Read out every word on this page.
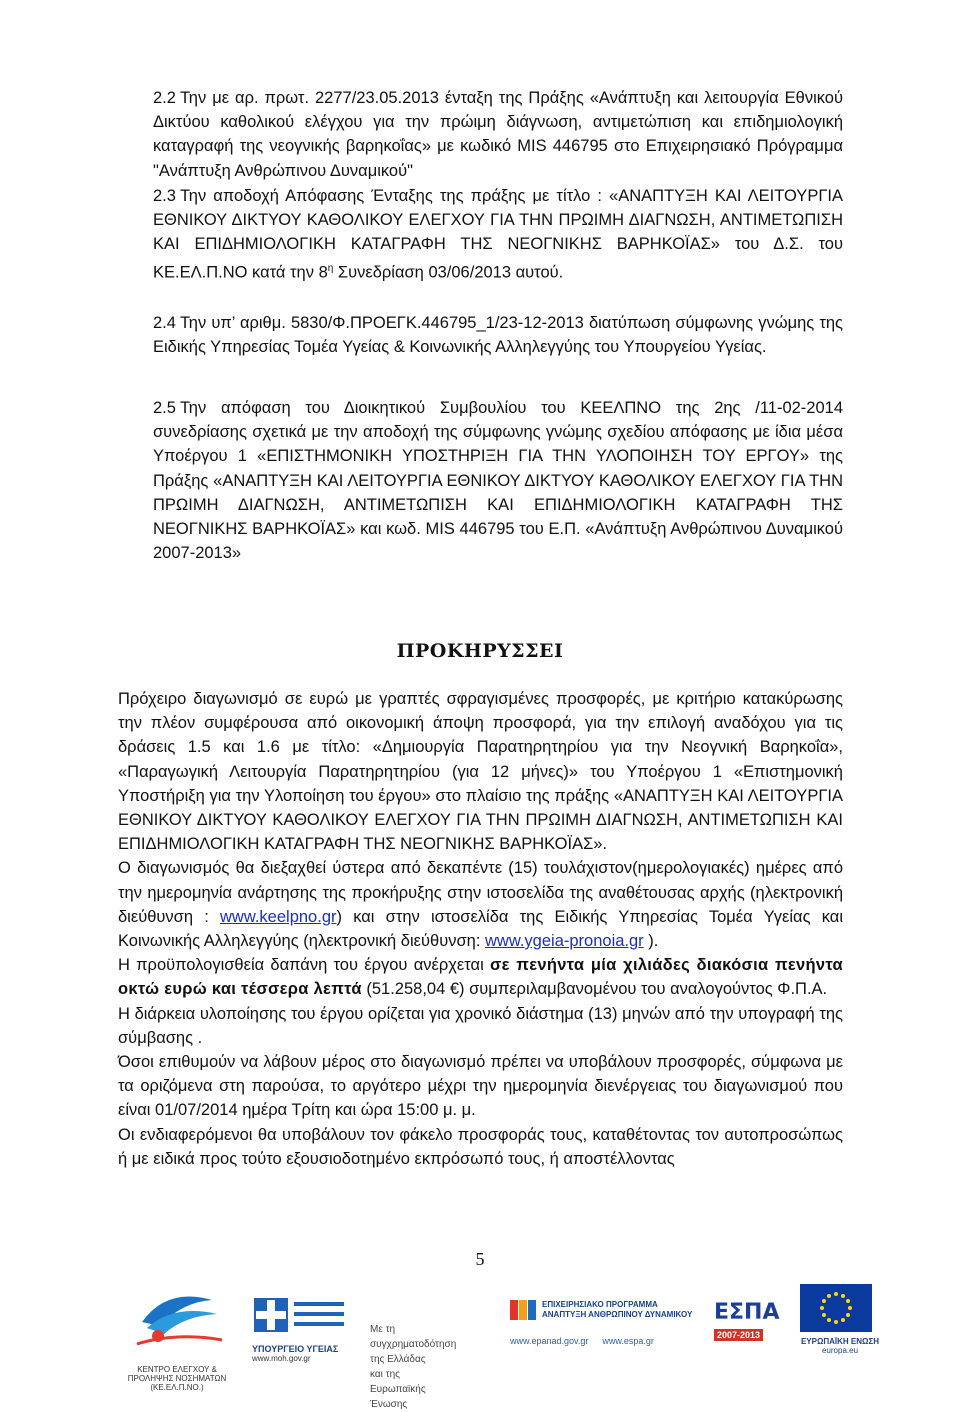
2.2 Την με αρ. πρωτ. 2277/23.05.2013 ένταξη της Πράξης «Ανάπτυξη και λειτουργία Εθνικού Δικτύου καθολικού ελέγχου για την πρώιμη διάγνωση, αντιμετώπιση και επιδημιολογική καταγραφή της νεογνικής βαρηκοΐας» με κωδικό MIS 446795 στο Επιχειρησιακό Πρόγραμμα "Ανάπτυξη Ανθρώπινου Δυναμικού"

2.3 Την αποδοχή Απόφασης Ένταξης της πράξης με τίτλο : «ΑΝΑΠΤΥΞΗ ΚΑΙ ΛΕΙΤΟΥΡΓΙΑ ΕΘΝΙΚΟΥ ΔΙΚΤΥΟΥ ΚΑΘΟΛΙΚΟΥ ΕΛΕΓΧΟΥ ΓΙΑ ΤΗΝ ΠΡΩΙΜΗ ΔΙΑΓΝΩΣΗ, ΑΝΤΙΜΕΤΩΠΙΣΗ ΚΑΙ ΕΠΙΔΗΜΙΟΛΟΓΙΚΗ ΚΑΤΑΓΡΑΦΗ ΤΗΣ ΝΕΟΓΝΙΚΗΣ ΒΑΡΗΚΟΪΑΣ» του Δ.Σ. του ΚΕ.ΕΛ.Π.ΝΟ κατά την $8^\eta$ Συνεδρίαση 03/06/2013 αυτού.

2.4 Την υπ’ αριθμ. 5830/Φ.ΠΡΟΕΓΚ.446795_1/23-12-2013 διατύπωση σύμφωνης γνώμης της Ειδικής Υπηρεσίας Τομέα Υγείας & Κοινωνικής Αλληλεγγύης του Υπουργείου Υγείας.

2.5 Την απόφαση του Διοικητικού Συμβουλίου του ΚΕΕΛΠΝΟ της 2ης /11-02-2014 συνεδρίασης σχετικά με την αποδοχή της σύμφωνης γνώμης σχεδίου απόφασης με ίδια μέσα Υποέργου 1 «ΕΠΙΣΤΗΜΟΝΙΚΗ ΥΠΟΣΤΗΡΙΞΗ ΓΙΑ ΤΗΝ ΥΛΟΠΟΙΗΣΗ ΤΟΥ ΕΡΓΟΥ» της Πράξης «ΑΝΑΠΤΥΞΗ ΚΑΙ ΛΕΙΤΟΥΡΓΙΑ ΕΘΝΙΚΟΥ ΔΙΚΤΥΟΥ ΚΑΘΟΛΙΚΟΥ ΕΛΕΓΧΟΥ ΓΙΑ ΤΗΝ ΠΡΩΙΜΗ ΔΙΑΓΝΩΣΗ, ΑΝΤΙΜΕΤΩΠΙΣΗ ΚΑΙ ΕΠΙΔΗΜΙΟΛΟΓΙΚΗ ΚΑΤΑΓΡΑΦΗ ΤΗΣ ΝΕΟΓΝΙΚΗΣ ΒΑΡΗΚΟΪΑΣ» και κωδ. MIS 446795 του Ε.Π. «Ανάπτυξη Ανθρώπινου Δυναμικού 2007-2013»

ΠΡΟΚΗΡΥΣΣΕΙ

Πρόχειρο διαγωνισμό σε ευρώ με γραπτές σφραγισμένες προσφορές, με κριτήριο κατακύρωσης την πλέον συμφέρουσα από οικονομική άποψη προσφορά, για την επιλογή αναδόχου για τις δράσεις 1.5 και 1.6 με τίτλο: «Δημιουργία Παρατηρητηρίου για την Νεογνική Βαρηκοΐα», «Παραγωγική Λειτουργία Παρατηρητηρίου (για 12 μήνες)» του Υποέργου 1 «Επιστημονική Υποστήριξη για την Υλοποίηση του έργου» στο πλαίσιο της πράξης «ΑΝΑΠΤΥΞΗ ΚΑΙ ΛΕΙΤΟΥΡΓΙΑ ΕΘΝΙΚΟΥ ΔΙΚΤΥΟΥ ΚΑΘΟΛΙΚΟΥ ΕΛΕΓΧΟΥ ΓΙΑ ΤΗΝ ΠΡΩΙΜΗ ΔΙΑΓΝΩΣΗ, ΑΝΤΙΜΕΤΩΠΙΣΗ ΚΑΙ ΕΠΙΔΗΜΙΟΛΟΓΙΚΗ ΚΑΤΑΓΡΑΦΗ ΤΗΣ ΝΕΟΓΝΙΚΗΣ ΒΑΡΗΚΟΪΑΣ».

Ο διαγωνισμός θα διεξαχθεί ύστερα από δεκαπέντε (15) τουλάχιστον(ημερολογιακές) ημέρες από την ημερομηνία ανάρτησης της προκήρυξης στην ιστοσελίδα της αναθέτουσας αρχής (ηλεκτρονική διεύθυνση : www.keelpno.gr) και στην ιστοσελίδα της Ειδικής Υπηρεσίας Τομέα Υγείας και Κοινωνικής Αλληλεγγύης (ηλεκτρονική διεύθυνση: www.ygeia-pronoia.gr ).

Η προϋπολογισθεία δαπάνη του έργου ανέρχεται σε πενήντα μία χιλιάδες διακόσια πενήντα οκτώ ευρώ και τέσσερα λεπτά (51.258,04 €) συμπεριλαμβανομένου του αναλογούντος Φ.Π.Α.

Η διάρκεια υλοποίησης του έργου ορίζεται για χρονικό διάστημα (13) μηνών από την υπογραφή της σύμβασης .

Όσοι επιθυμούν να λάβουν μέρος στο διαγωνισμό πρέπει να υποβάλουν προσφορές, σύμφωνα με τα οριζόμενα στη παρούσα, το αργότερο μέχρι την ημερομηνία διενέργειας του διαγωνισμού που είναι 01/07/2014 ημέρα Τρίτη και ώρα 15:00 μ. μ.

Οι ενδιαφερόμενοι θα υποβάλουν τον φάκελο προσφοράς τους, καταθέτοντας τον αυτοπροσώπως ή με ειδικά προς τούτο εξουσιοδοτημένο εκπρόσωπό τους, ή αποστέλλοντας

5
ΚΕΝΤΡΟ ΕΛΕΓΧΟΥ & ΠΡΟΛΗΨΗΣ ΝΟΣΗΜΑΤΩΝ (ΚΕ.ΕΛ.Π.ΝΟ.)
ΥΠΟΥΡΓΕΙΟ ΥΓΕΙΑΣ
www.moh.gov.gr
ΕΠΙΧΕΙΡΗΣΙΑΚΟ ΠΡΟΓΡΑΜΜΑ
ΑΝΑΠΤΥΞΗ ΑΝΘΡΩΠΙΝΟΥ ΔΥΝΑΜΙΚΟΥ
www.epanad.gov.gr www.espa.gr
ΕΣΠΑ
2007-2013
ΕΥΡΩΠΑΪΚΗ ΕΝΩΣΗ
europa.eu
Με τη συγχρηματοδότηση της Ελλάδας και της Ευρωπαϊκής Ένωσης
